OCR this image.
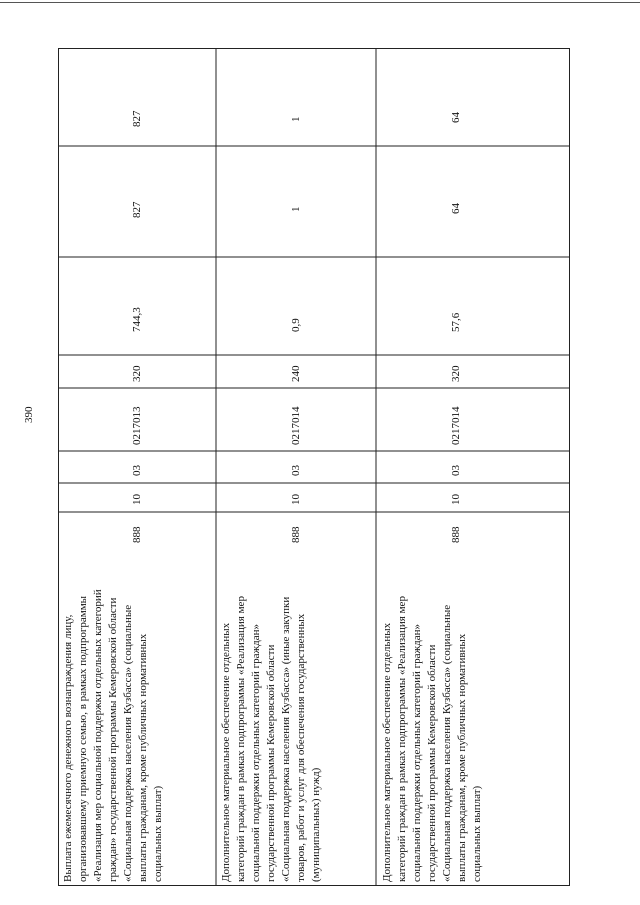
390
Выплата ежемесячного денежного вознаграждения лицу, организовавшему приемную семью, в рамках подпрограммы «Реализация мер социальной поддержки отдельных категорий граждан» государственной программы Кемеровской области «Социальная поддержка населения Кузбасса» (социальные выплаты гражданам, кроме публичных нормативных социальных выплат)
888
10
03
0217013
320
744,3
827
827
Дополнительное материальное обеспечение отдельных категорий граждан в рамках подпрограммы «Реализация мер социальной поддержки отдельных категорий граждан» государственной программы Кемеровской области «Социальная поддержка населения Кузбасса» (иные закупки товаров, работ и услуг для обеспечения государственных (муниципальных) нужд)
888
10
03
0217014
240
0,9
1
1
Дополнительное материальное обеспечение отдельных категорий граждан в рамках подпрограммы «Реализация мер социальной поддержки отдельных категорий граждан» государственной программы Кемеровской области «Социальная поддержка населения Кузбасса» (социальные выплаты гражданам, кроме публичных нормативных социальных выплат)
888
10
03
0217014
320
57,6
64
64
